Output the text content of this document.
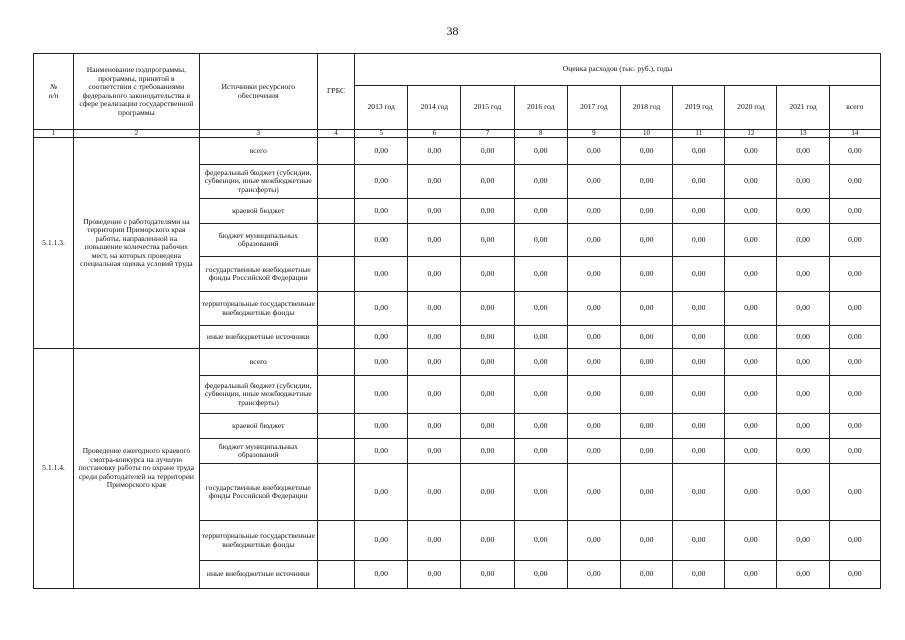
38
№
п/п	Наименование подпрограммы, программы, принятой в соответствии с требованиями федерального законодательства в сфере реализации государственной программы	Источники ресурсного обеспечения	ГРБС	Оценка расходов (тыс. руб.), годы									
				2013 год	2014 год	2015 год	2016 год	2017 год	2018 год	2019 год	2020 год	2021 год	всего
1	2	3	4	5	6	7	8	9	10	11	12	13	14
5.1.1.3.	Проведение с работодателями на территории Приморского края работы, направленной на повышение количества рабочих мест, на которых проведена специальная оценка условий труда	всего		0,00	0,00	0,00	0,00	0,00	0,00	0,00	0,00	0,00	0,00
		федеральный бюджет (субсидии, субвенции, иные межбюджетные трансферты)		0,00	0,00	0,00	0,00	0,00	0,00	0,00	0,00	0,00	0,00
		краевой бюджет		0,00	0,00	0,00	0,00	0,00	0,00	0,00	0,00	0,00	0,00
		бюджет муниципальных образований		0,00	0,00	0,00	0,00	0,00	0,00	0,00	0,00	0,00	0,00
		государственные внебюджетные фонды Российской Федерации		0,00	0,00	0,00	0,00	0,00	0,00	0,00	0,00	0,00	0,00
		территориальные государственные внебюджетные фонды		0,00	0,00	0,00	0,00	0,00	0,00	0,00	0,00	0,00	0,00
		иные внебюджетные источники		0,00	0,00	0,00	0,00	0,00	0,00	0,00	0,00	0,00	0,00
5.1.1.4.	Проведение ежегодного краевого смотра-конкурса на лучшую постановку работы по охране труда среди работодателей на территории Приморского края	всего		0,00	0,00	0,00	0,00	0,00	0,00	0,00	0,00	0,00	0,00
		федеральный бюджет (субсидии, субвенции, иные межбюджетные трансферты)		0,00	0,00	0,00	0,00	0,00	0,00	0,00	0,00	0,00	0,00
		краевой бюджет		0,00	0,00	0,00	0,00	0,00	0,00	0,00	0,00	0,00	0,00
		бюджет муниципальных образований		0,00	0,00	0,00	0,00	0,00	0,00	0,00	0,00	0,00	0,00
		государственные внебюджетные фонды Российской Федерации		0,00	0,00	0,00	0,00	0,00	0,00	0,00	0,00	0,00	0,00
		территориальные государственные внебюджетные фонды		0,00	0,00	0,00	0,00	0,00	0,00	0,00	0,00	0,00	0,00
		иные внебюджетные источники		0,00	0,00	0,00	0,00	0,00	0,00	0,00	0,00	0,00	0,00
